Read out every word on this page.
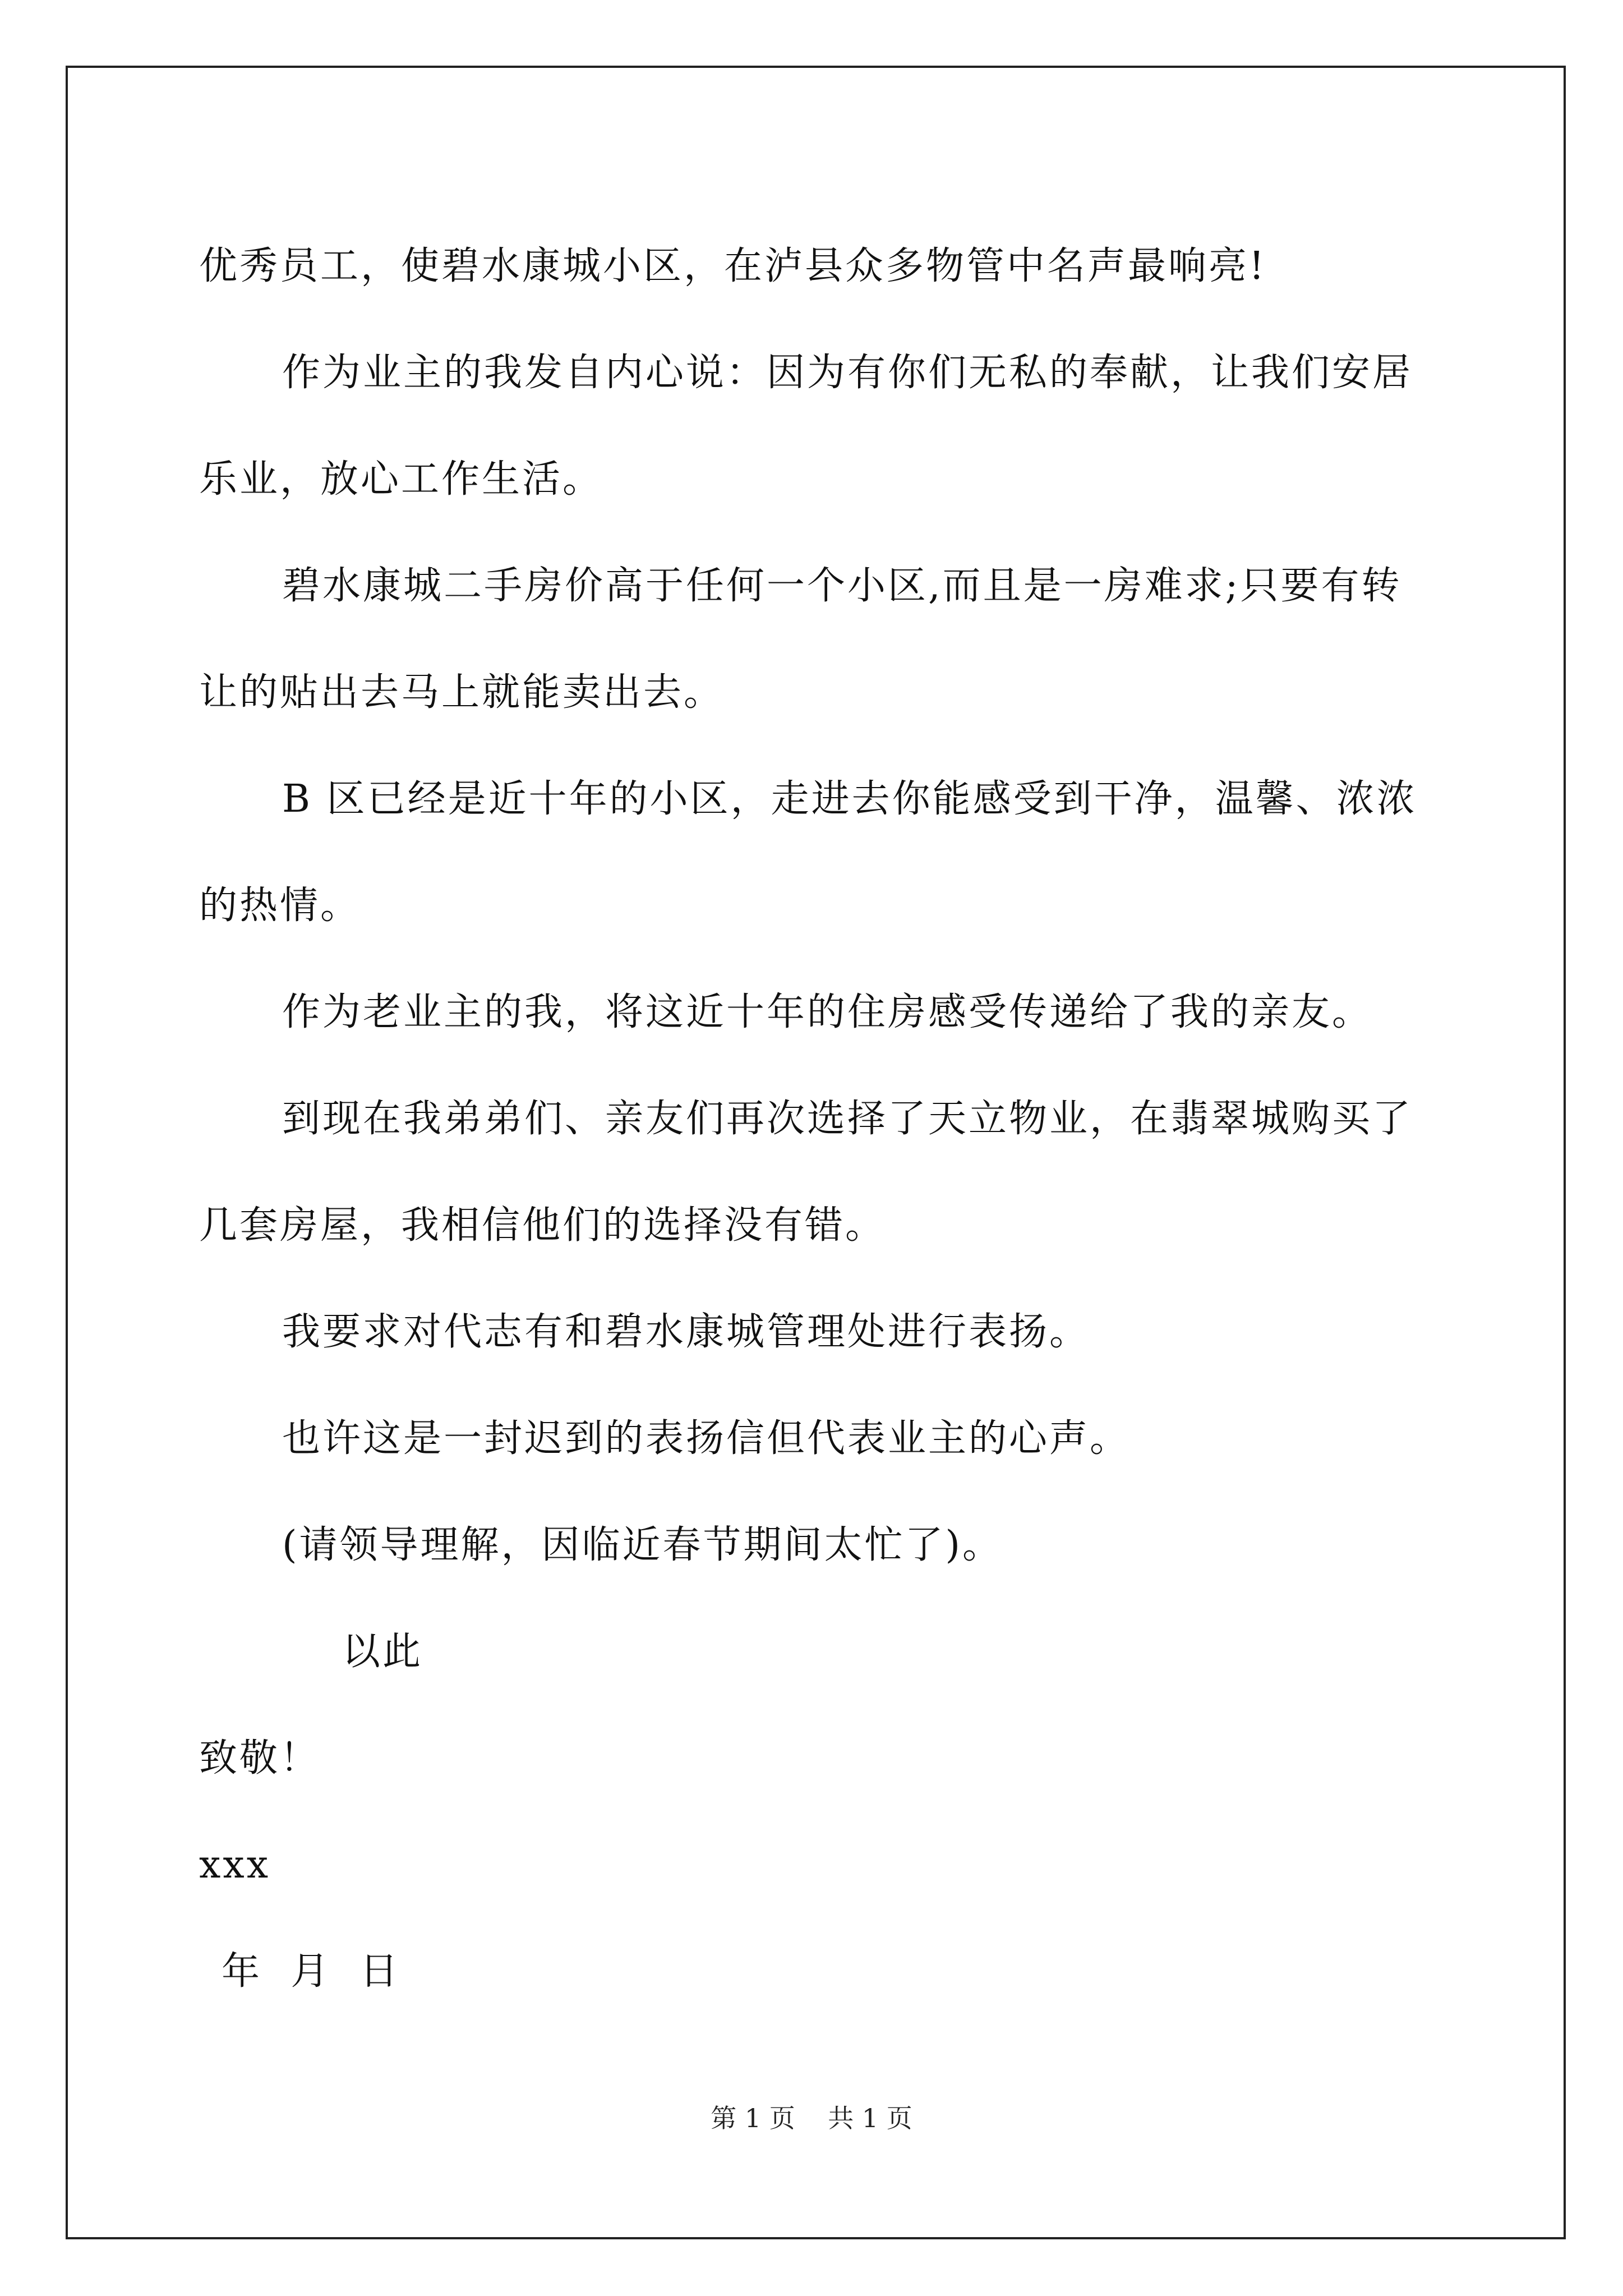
优秀员工，使碧水康城小区，在泸县众多物管中名声最响亮!
作为业主的我发自内心说：因为有你们无私的奉献，让我们安居
乐业，放心工作生活。
碧水康城二手房价高于任何一个小区,而且是一房难求;只要有转
让的贴出去马上就能卖出去。
B 区已经是近十年的小区，走进去你能感受到干净，温馨、浓浓
的热情。
作为老业主的我，将这近十年的住房感受传递给了我的亲友。
到现在我弟弟们、亲友们再次选择了天立物业，在翡翠城购买了
几套房屋，我相信他们的选择没有错。
我要求对代志有和碧水康城管理处进行表扬。
也许这是一封迟到的表扬信但代表业主的心声。
(请领导理解，因临近春节期间太忙了)。
以此
致敬！
xxx
年  月  日
第 1 页    共 1 页
